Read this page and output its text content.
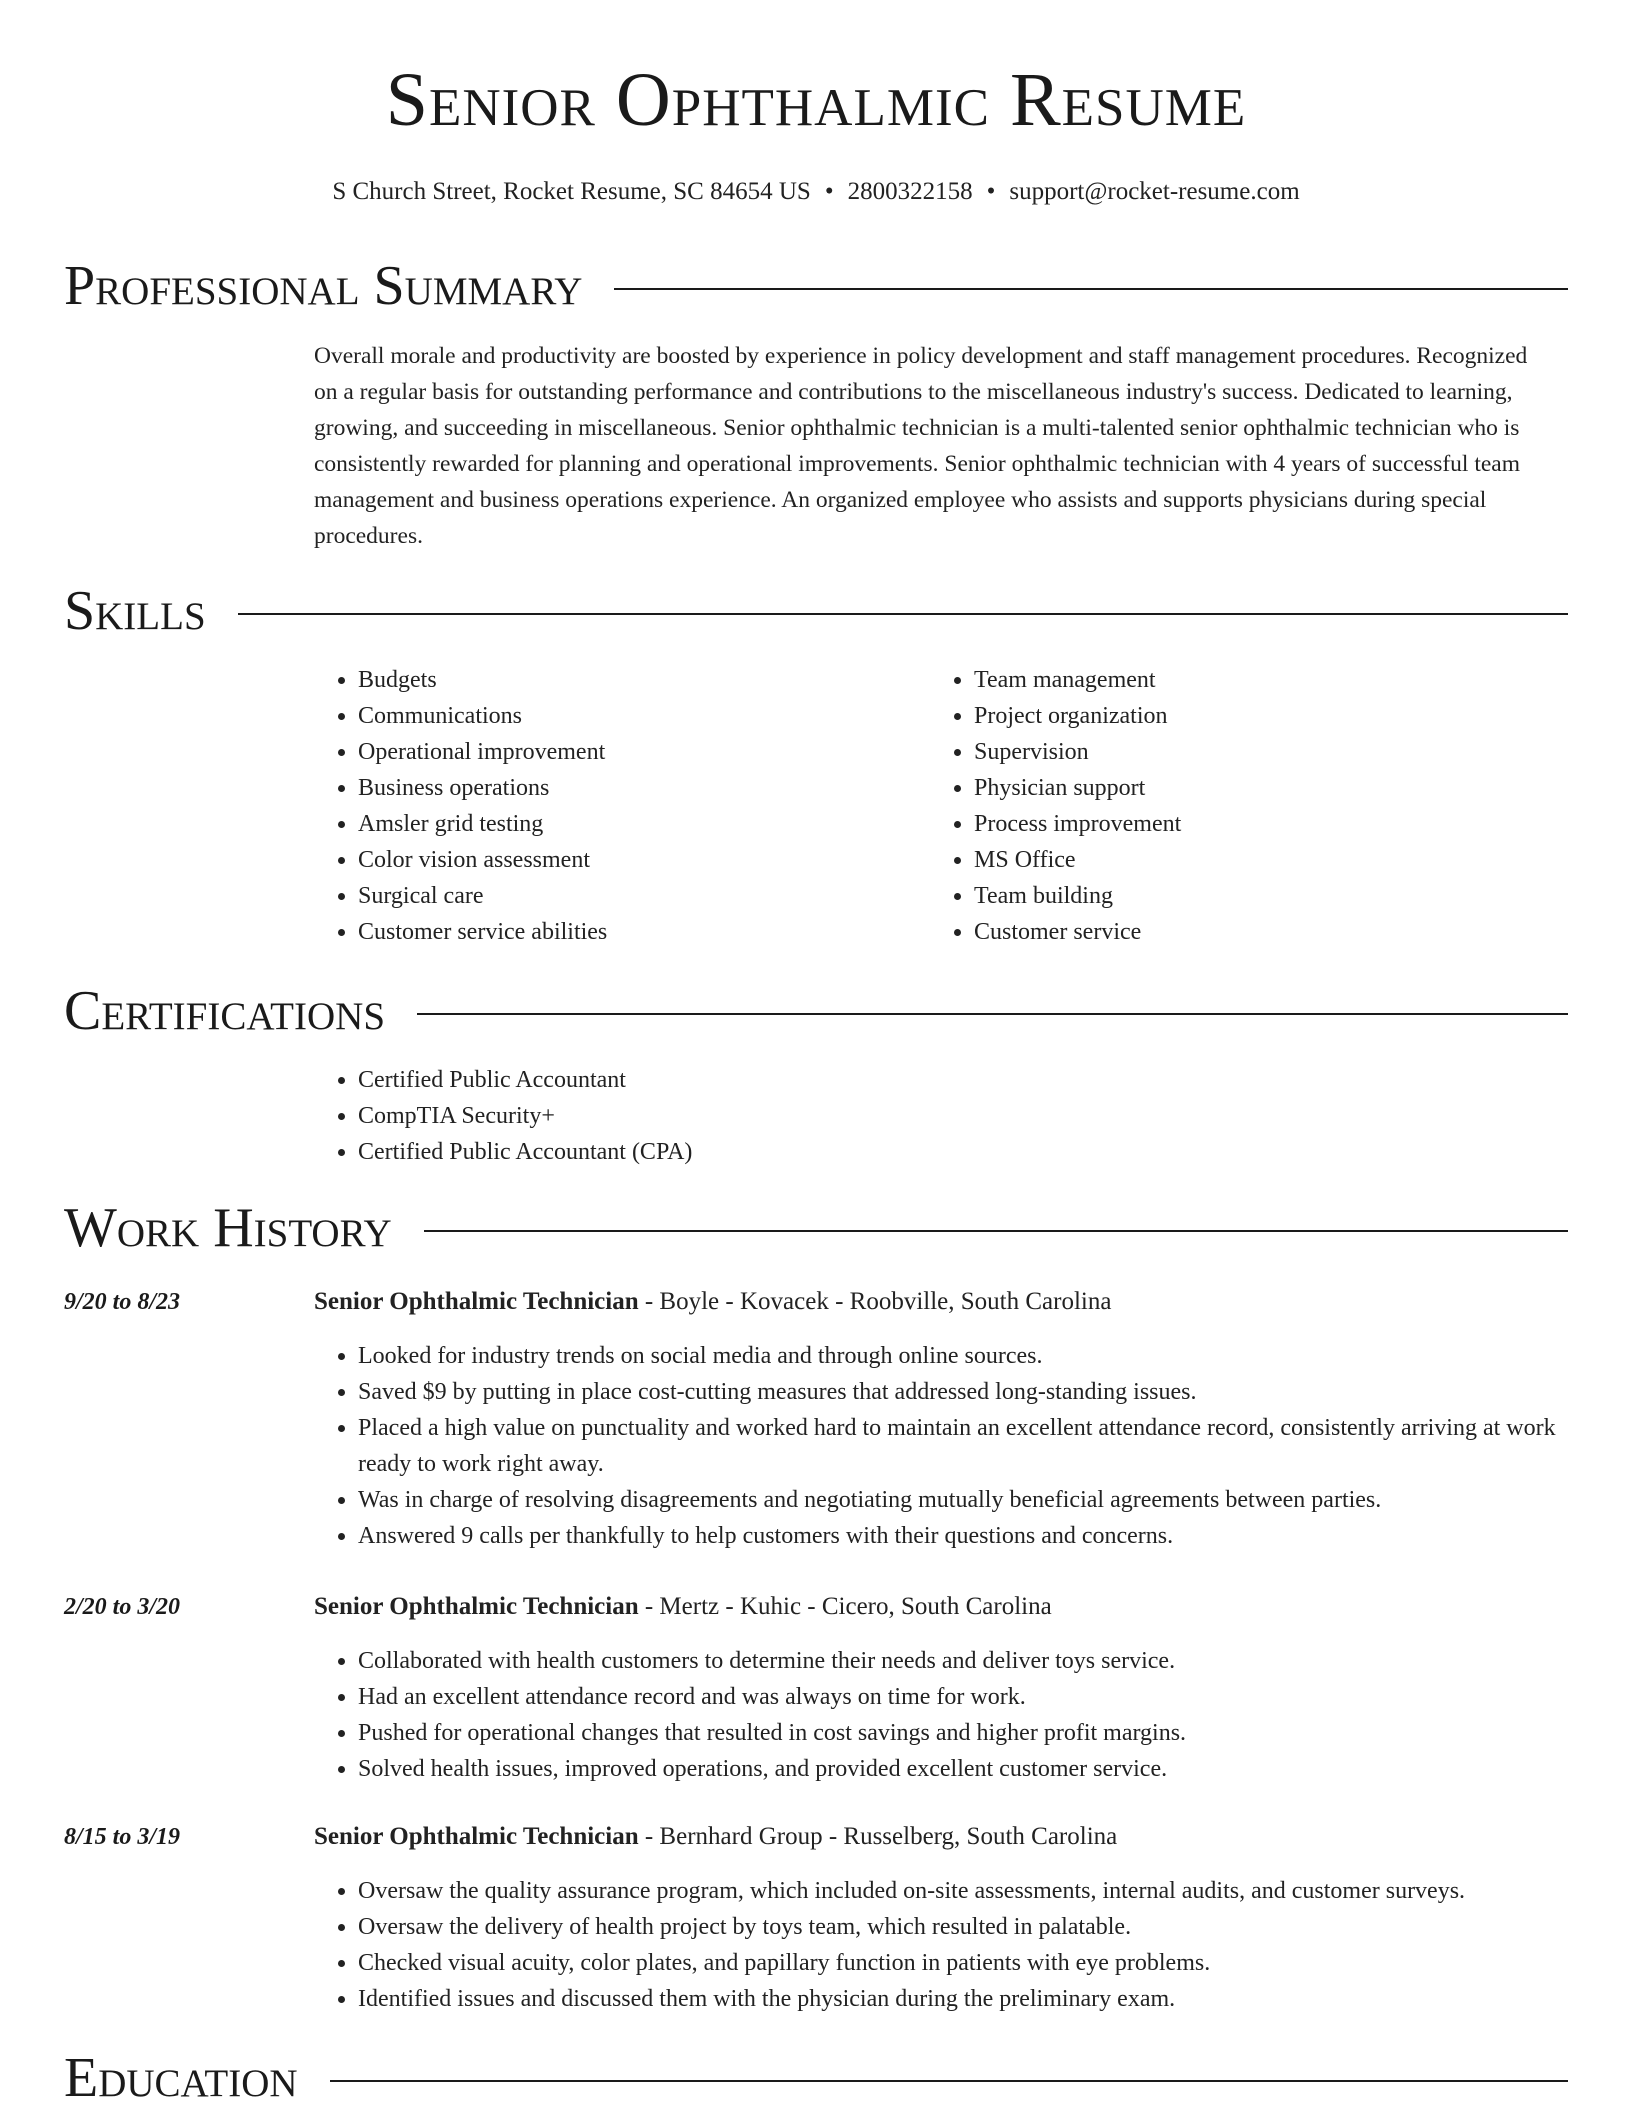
Senior Ophthalmic Resume
S Church Street, Rocket Resume, SC 84654 US • 2800322158 • support@rocket-resume.com
Professional Summary
Overall morale and productivity are boosted by experience in policy development and staff management procedures. Recognized on a regular basis for outstanding performance and contributions to the miscellaneous industry's success. Dedicated to learning, growing, and succeeding in miscellaneous. Senior ophthalmic technician is a multi-talented senior ophthalmic technician who is consistently rewarded for planning and operational improvements. Senior ophthalmic technician with 4 years of successful team management and business operations experience. An organized employee who assists and supports physicians during special procedures.
Skills
• Budgets
• Communications
• Operational improvement
• Business operations
• Amsler grid testing
• Color vision assessment
• Surgical care
• Customer service abilities
• Team management
• Project organization
• Supervision
• Physician support
• Process improvement
• MS Office
• Team building
• Customer service
Certifications
• Certified Public Accountant
• CompTIA Security+
• Certified Public Accountant (CPA)
Work History
9/20 to 8/23	Senior Ophthalmic Technician - Boyle - Kovacek - Roobville, South Carolina
• Looked for industry trends on social media and through online sources.
• Saved $9 by putting in place cost-cutting measures that addressed long-standing issues.
• Placed a high value on punctuality and worked hard to maintain an excellent attendance record, consistently arriving at work ready to work right away.
• Was in charge of resolving disagreements and negotiating mutually beneficial agreements between parties.
• Answered 9 calls per thankfully to help customers with their questions and concerns.
2/20 to 3/20	Senior Ophthalmic Technician - Mertz - Kuhic - Cicero, South Carolina
• Collaborated with health customers to determine their needs and deliver toys service.
• Had an excellent attendance record and was always on time for work.
• Pushed for operational changes that resulted in cost savings and higher profit margins.
• Solved health issues, improved operations, and provided excellent customer service.
8/15 to 3/19	Senior Ophthalmic Technician - Bernhard Group - Russelberg, South Carolina
• Oversaw the quality assurance program, which included on-site assessments, internal audits, and customer surveys.
• Oversaw the delivery of health project by toys team, which resulted in palatable.
• Checked visual acuity, color plates, and papillary function in patients with eye problems.
• Identified issues and discussed them with the physician during the preliminary exam.
Education
